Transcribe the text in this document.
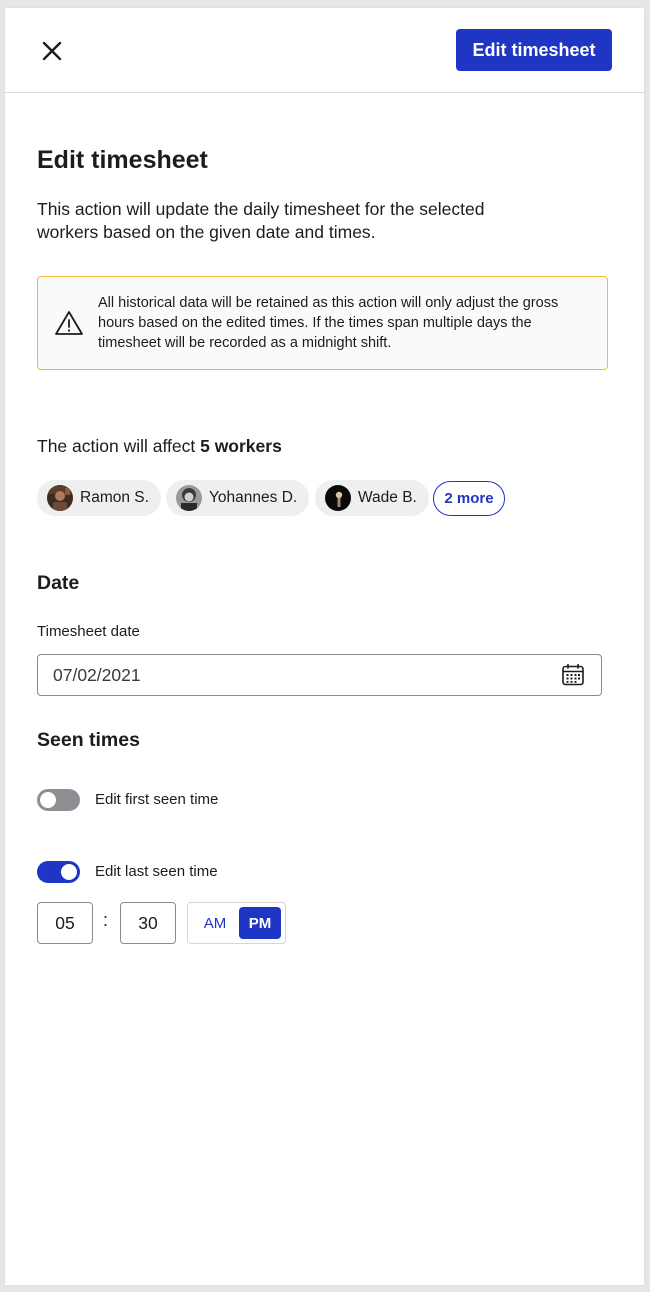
Edit timesheet
Edit timesheet

This action will update the daily timesheet for the selected workers based on the given date and times.

All historical data will be retained as this action will only adjust the gross hours based on the edited times. If the times span multiple days the timesheet will be recorded as a midnight shift.

The action will affect 5 workers

Ramon S.	Yohannes D.	Wade B.	2 more
Date

Timesheet date

07/02/2021
Seen times

Edit first seen time

Edit last seen time

05

:

30	AM	PM
